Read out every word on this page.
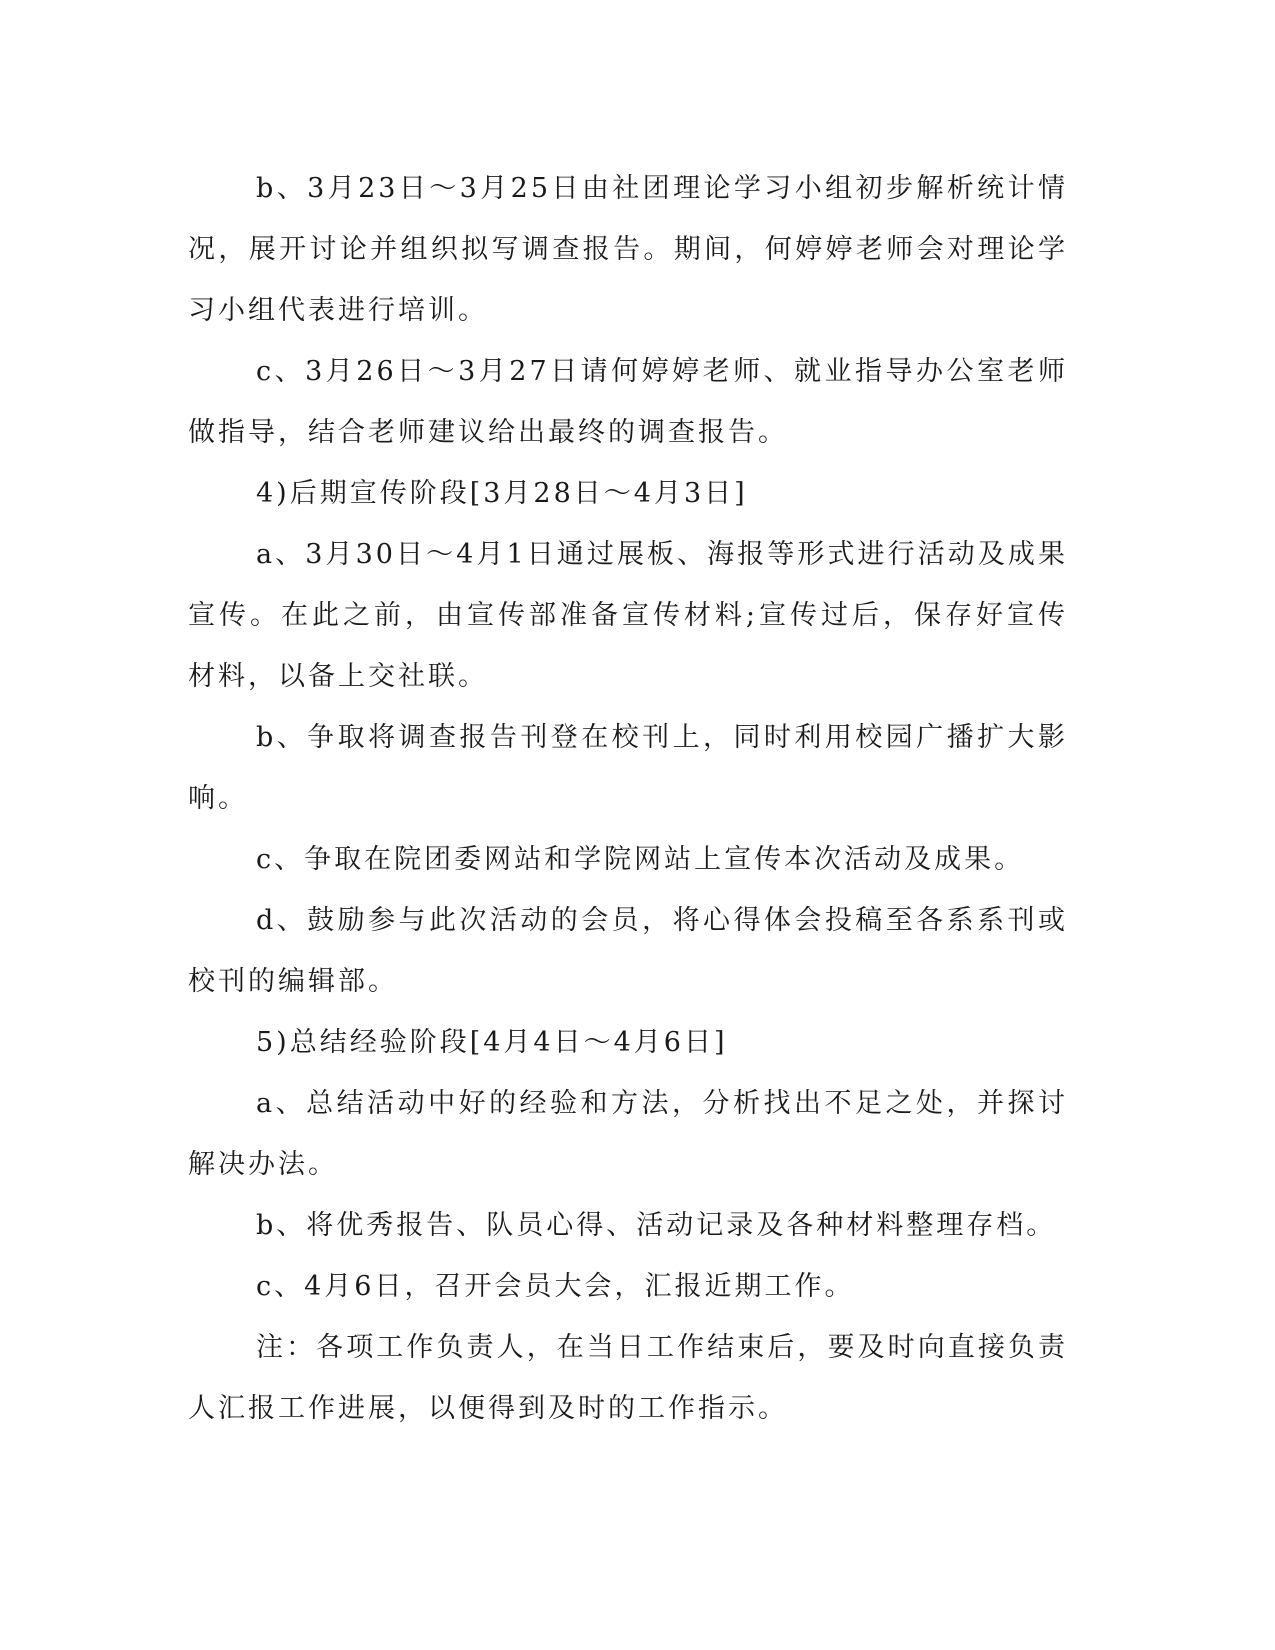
b、3月23日～3月25日由社团理论学习小组初步解析统计情况，展开讨论并组织拟写调查报告。期间，何婷婷老师会对理论学习小组代表进行培训。

c、3月26日～3月27日请何婷婷老师、就业指导办公室老师做指导，结合老师建议给出最终的调查报告。

4)后期宣传阶段[3月28日～4月3日]

a、3月30日～4月1日通过展板、海报等形式进行活动及成果宣传。在此之前，由宣传部准备宣传材料;宣传过后，保存好宣传材料，以备上交社联。

b、争取将调查报告刊登在校刊上，同时利用校园广播扩大影响。

c、争取在院团委网站和学院网站上宣传本次活动及成果。

d、鼓励参与此次活动的会员，将心得体会投稿至各系系刊或校刊的编辑部。

5)总结经验阶段[4月4日～4月6日]

a、总结活动中好的经验和方法，分析找出不足之处，并探讨解决办法。

b、将优秀报告、队员心得、活动记录及各种材料整理存档。

c、4月6日，召开会员大会，汇报近期工作。

注：各项工作负责人，在当日工作结束后，要及时向直接负责人汇报工作进展，以便得到及时的工作指示。
